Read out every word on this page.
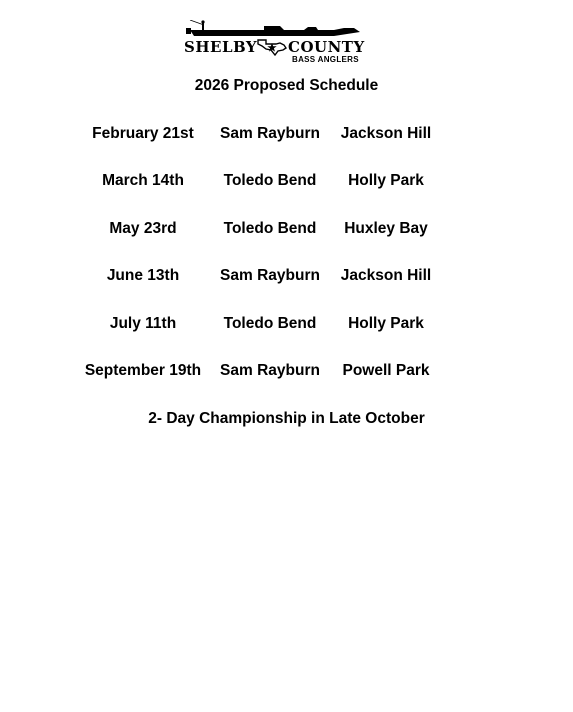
SHELBY COUNTY
BASS ANGLERS
2026 Proposed Schedule
February 21st	Sam Rayburn	Jackson Hill
March 14th	Toledo Bend	Holly Park
May 23rd	Toledo Bend	Huxley Bay
June 13th	Sam Rayburn	Jackson Hill
July 11th	Toledo Bend	Holly Park
September 19th	Sam Rayburn	Powell Park
2- Day Championship in Late October
